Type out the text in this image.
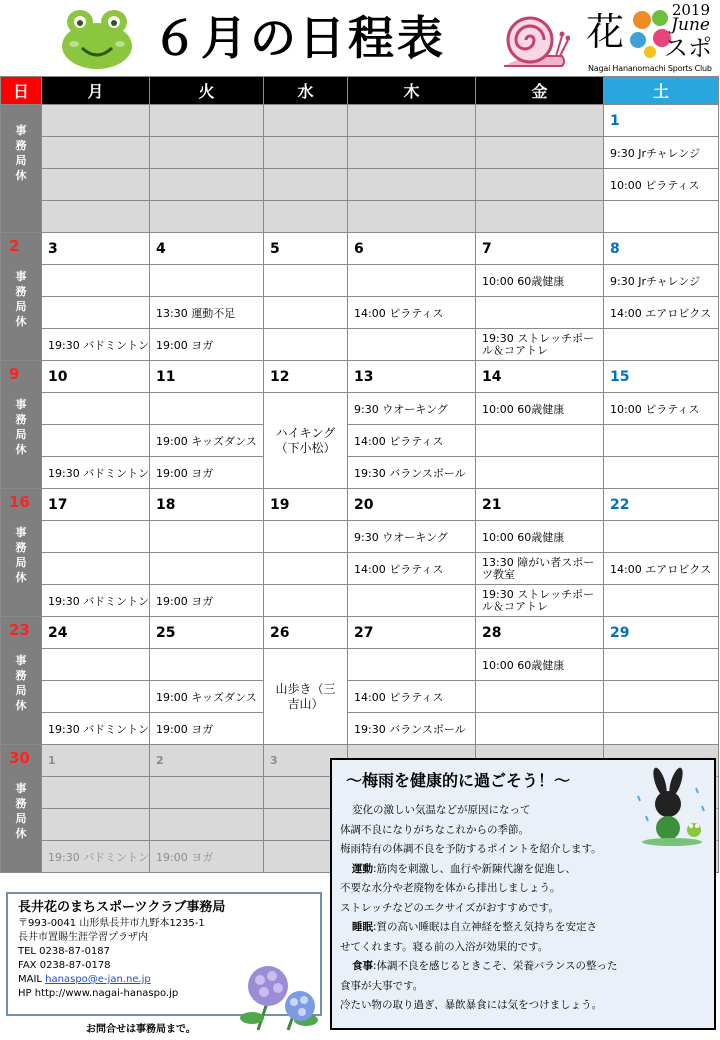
６月の日程表
2019
June
花 スポ
Nagai Hananomachi Sports Club
日	月	火	水	木	金	土

事務局休						1
						9:30 Jrチャレンジ
						10:00 ピラティス

2
事務局休	3	4	5	6	7	8
					10:00 60歳健康	9:30 Jrチャレンジ
		13:30 運動不足		14:00 ピラティス		14:00 エアロビクス
	19:30 バドミントン	19:00 ヨガ			19:30 ストレッチポール＆コアトレ	

9
事務局休	10	11	12	13	14	15
			ハイキング（下小松）	9:30 ウオーキング	10:00 60歳健康	10:00 ピラティス
		19:00 キッズダンス		14:00 ピラティス		
	19:30 バドミントン	19:00 ヨガ		19:30 バランスボール		

16
事務局休	17	18	19	20	21	22
				9:30 ウオーキング	10:00 60歳健康	
				14:00 ピラティス	13:30 障がい者スポーツ教室	14:00 エアロビクス
	19:30 バドミントン	19:00 ヨガ			19:30 ストレッチポール＆コアトレ	

23
事務局休	24	25	26	27	28	29
			山歩き（三吉山）		10:00 60歳健康	
		19:00 キッズダンス		14:00 ピラティス		
	19:30 バドミントン	19:00 ヨガ		19:30 バランスボール		

30
事務局休	1	2	3			

	19:30 バドミントン	19:00 ヨガ				
長井花のまちスポーツクラブ事務局
〒993-0041 山形県長井市九野本1235-1
長井市置賜生涯学習プラザ内
TEL 0238-87-0187
FAX 0238-87-0178
MAIL hanaspo@e-jan.ne.jp
HP http://www.nagai-hanaspo.jp
お問合せは事務局まで。
～梅雨を健康的に過ごそう！～

変化の激しい気温などが原因になって

体調不良になりがちなこれからの季節。

梅雨特有の体調不良を予防するポイントを紹介します。

運動:筋肉を刺激し、血行や新陳代謝を促進し、

不要な水分や老廃物を体から排出しましょう。

ストレッチなどのエクサイズがおすすめです。

睡眠:質の高い睡眠は自立神経を整え気持ちを安定さ

せてくれます。寝る前の入浴が効果的です。

食事:体調不良を感じるときこそ、栄養バランスの整った

食事が大事です。

冷たい物の取り過ぎ、暴飲暴食には気をつけましょう。
